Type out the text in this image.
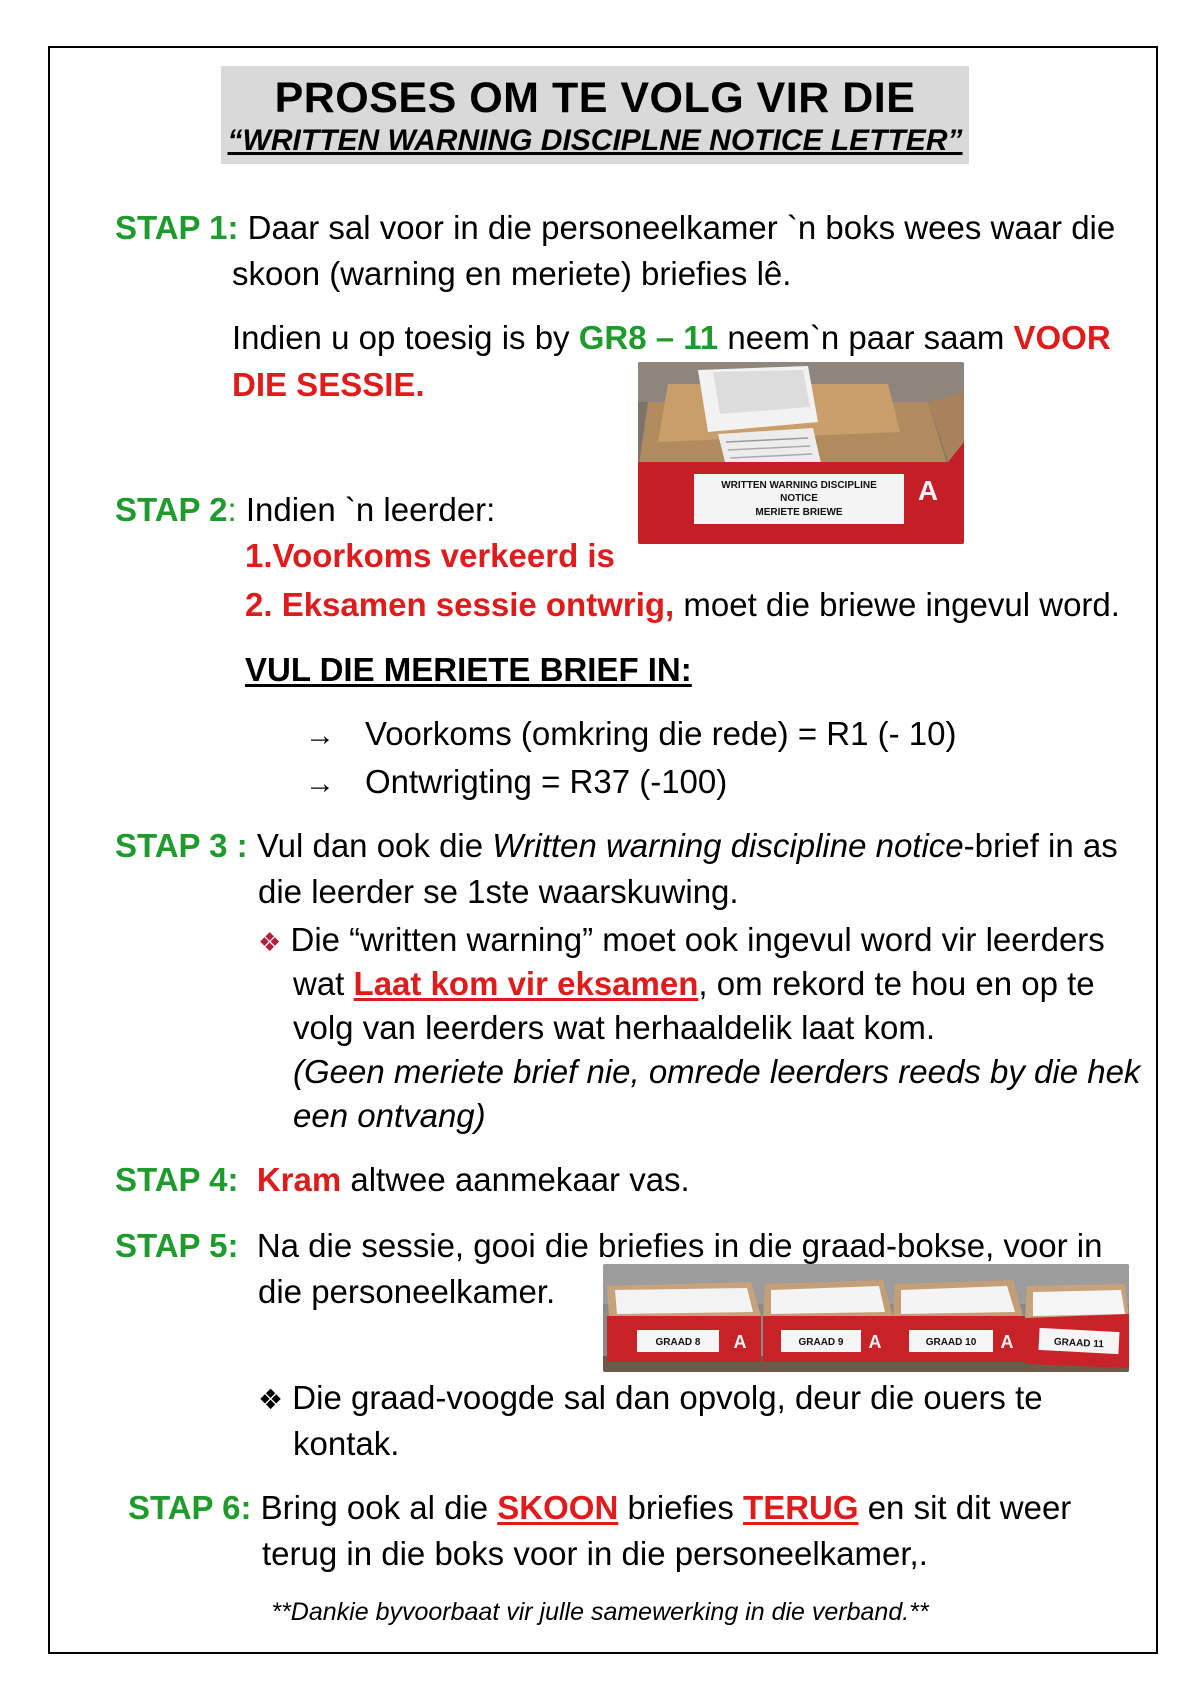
PROSES OM TE VOLG VIR DIE
“WRITTEN WARNING DISCIPLNE NOTICE LETTER”
STAP 1: Daar sal voor in die personeelkamer `n boks wees waar die
skoon (warning en meriete) briefies lê.
Indien u op toesig is by GR8 – 11 neem`n paar saam VOOR
DIE SESSIE.
WRITTEN WARNING DISCIPLINE
NOTICE
MERIETE BRIEWE
A
STAP 2: Indien `n leerder:
1.Voorkoms verkeerd is
2. Eksamen sessie ontwrig, moet die briewe ingevul word.
VUL DIE MERIETE BRIEF IN:
→ Voorkoms (omkring die rede) = R1 (- 10)
→ Ontwrigting = R37 (-100)
STAP 3 : Vul dan ook die Written warning discipline notice-brief in as
die leerder se 1ste waarskuwing.
❖ Die “written warning” moet ook ingevul word vir leerders
wat Laat kom vir eksamen, om rekord te hou en op te
volg van leerders wat herhaaldelik laat kom.
(Geen meriete brief nie, omrede leerders reeds by die hek
een ontvang)
STAP 4: Kram altwee aanmekaar vas.
STAP 5: Na die sessie, gooi die briefies in die graad-bokse, voor in
die personeelkamer.
GRAAD 8 A	GRAAD 9 A	GRAAD 10 A	GRAAD 11
❖ Die graad-voogde sal dan opvolg, deur die ouers te
kontak.
STAP 6: Bring ook al die SKOON briefies TERUG en sit dit weer
terug in die boks voor in die personeelkamer,.
**Dankie byvoorbaat vir julle samewerking in die verband.**
